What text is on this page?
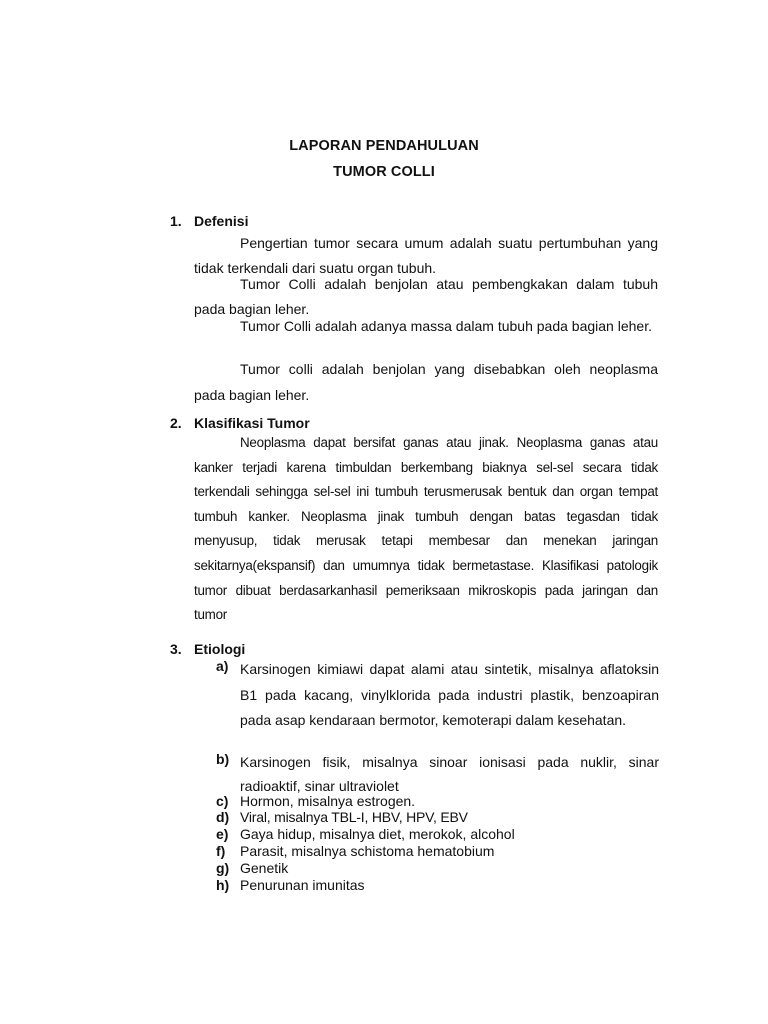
LAPORAN PENDAHULUAN
TUMOR COLLI
1. Defenisi

Pengertian tumor secara umum adalah suatu pertumbuhan yang tidak terkendali dari suatu organ tubuh.

Tumor Colli adalah benjolan atau pembengkakan dalam tubuh pada bagian leher.

Tumor Colli adalah adanya massa dalam tubuh pada bagian leher.

Tumor colli adalah benjolan yang disebabkan oleh neoplasma pada bagian leher.

2. Klasifikasi Tumor

Neoplasma dapat bersifat ganas atau jinak. Neoplasma ganas atau kanker terjadi karena timbuldan berkembang biaknya sel-sel secara tidak terkendali sehingga sel-sel ini tumbuh terusmerusak bentuk dan organ tempat tumbuh kanker. Neoplasma jinak tumbuh dengan batas tegasdan tidak menyusup, tidak merusak tetapi membesar dan menekan jaringan sekitarnya(ekspansif) dan umumnya tidak bermetastase. Klasifikasi patologik tumor dibuat berdasarkanhasil pemeriksaan mikroskopis pada jaringan dan tumor

3. Etiologi
a) Karsinogen kimiawi dapat alami atau sintetik, misalnya aflatoksin B1 pada kacang, vinylklorida pada industri plastik, benzoapiran pada asap kendaraan bermotor, kemoterapi dalam kesehatan.
b) Karsinogen fisik, misalnya sinoar ionisasi pada nuklir, sinar radioaktif, sinar ultraviolet
c) Hormon, misalnya estrogen.
d) Viral, misalnya TBL-I, HBV, HPV, EBV
e) Gaya hidup, misalnya diet, merokok, alcohol
f) Parasit, misalnya schistoma hematobium
g) Genetik
h) Penurunan imunitas
